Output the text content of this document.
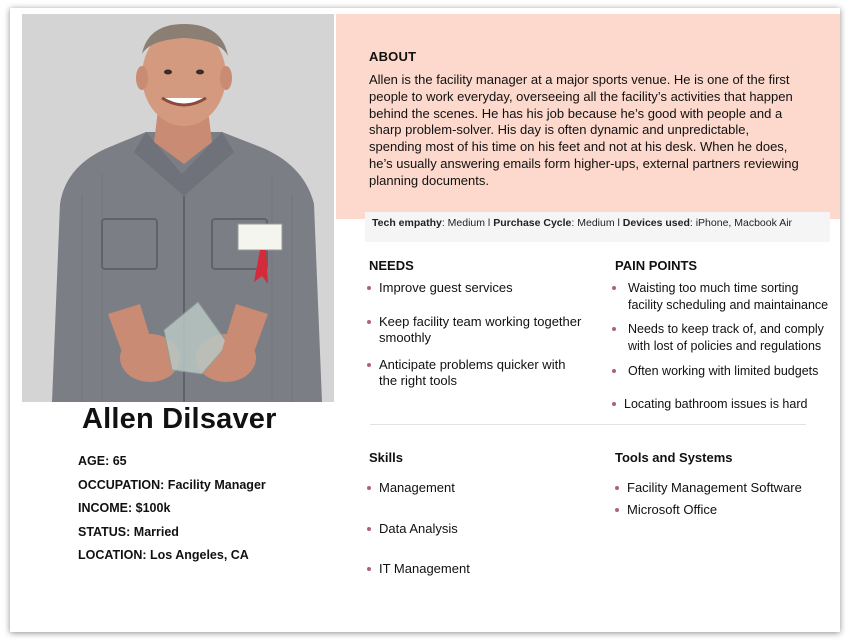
ABOUT

Allen is the facility manager at a major sports venue. He is one of the first people to work everyday, overseeing all the facility’s activities that happen behind the scenes. He has his job because he’s good with people and a sharp problem-solver. His day is often dynamic and unpredictable, spending most of his time on his feet and not at his desk. When he does, he’s usually answering emails form higher-ups, external partners reviewing planning documents.

Tech empathy: Medium l Purchase Cycle: Medium l Devices used: iPhone, Macbook Air
NEEDS
Improve guest services
Keep facility team working together smoothly
Anticipate problems quicker with the right tools
PAIN POINTS
Waisting too much time sorting facility scheduling and maintainance
Needs to keep track of, and comply with lost of policies and regulations
Often working with limited budgets
Locating bathroom issues is hard
Skills
Management
Data Analysis
IT Management
Tools and Systems
Facility Management Software
Microsoft Office
Allen Dilsaver
AGE: 65
OCCUPATION: Facility Manager
INCOME: $100k
STATUS: Married
LOCATION: Los Angeles, CA
